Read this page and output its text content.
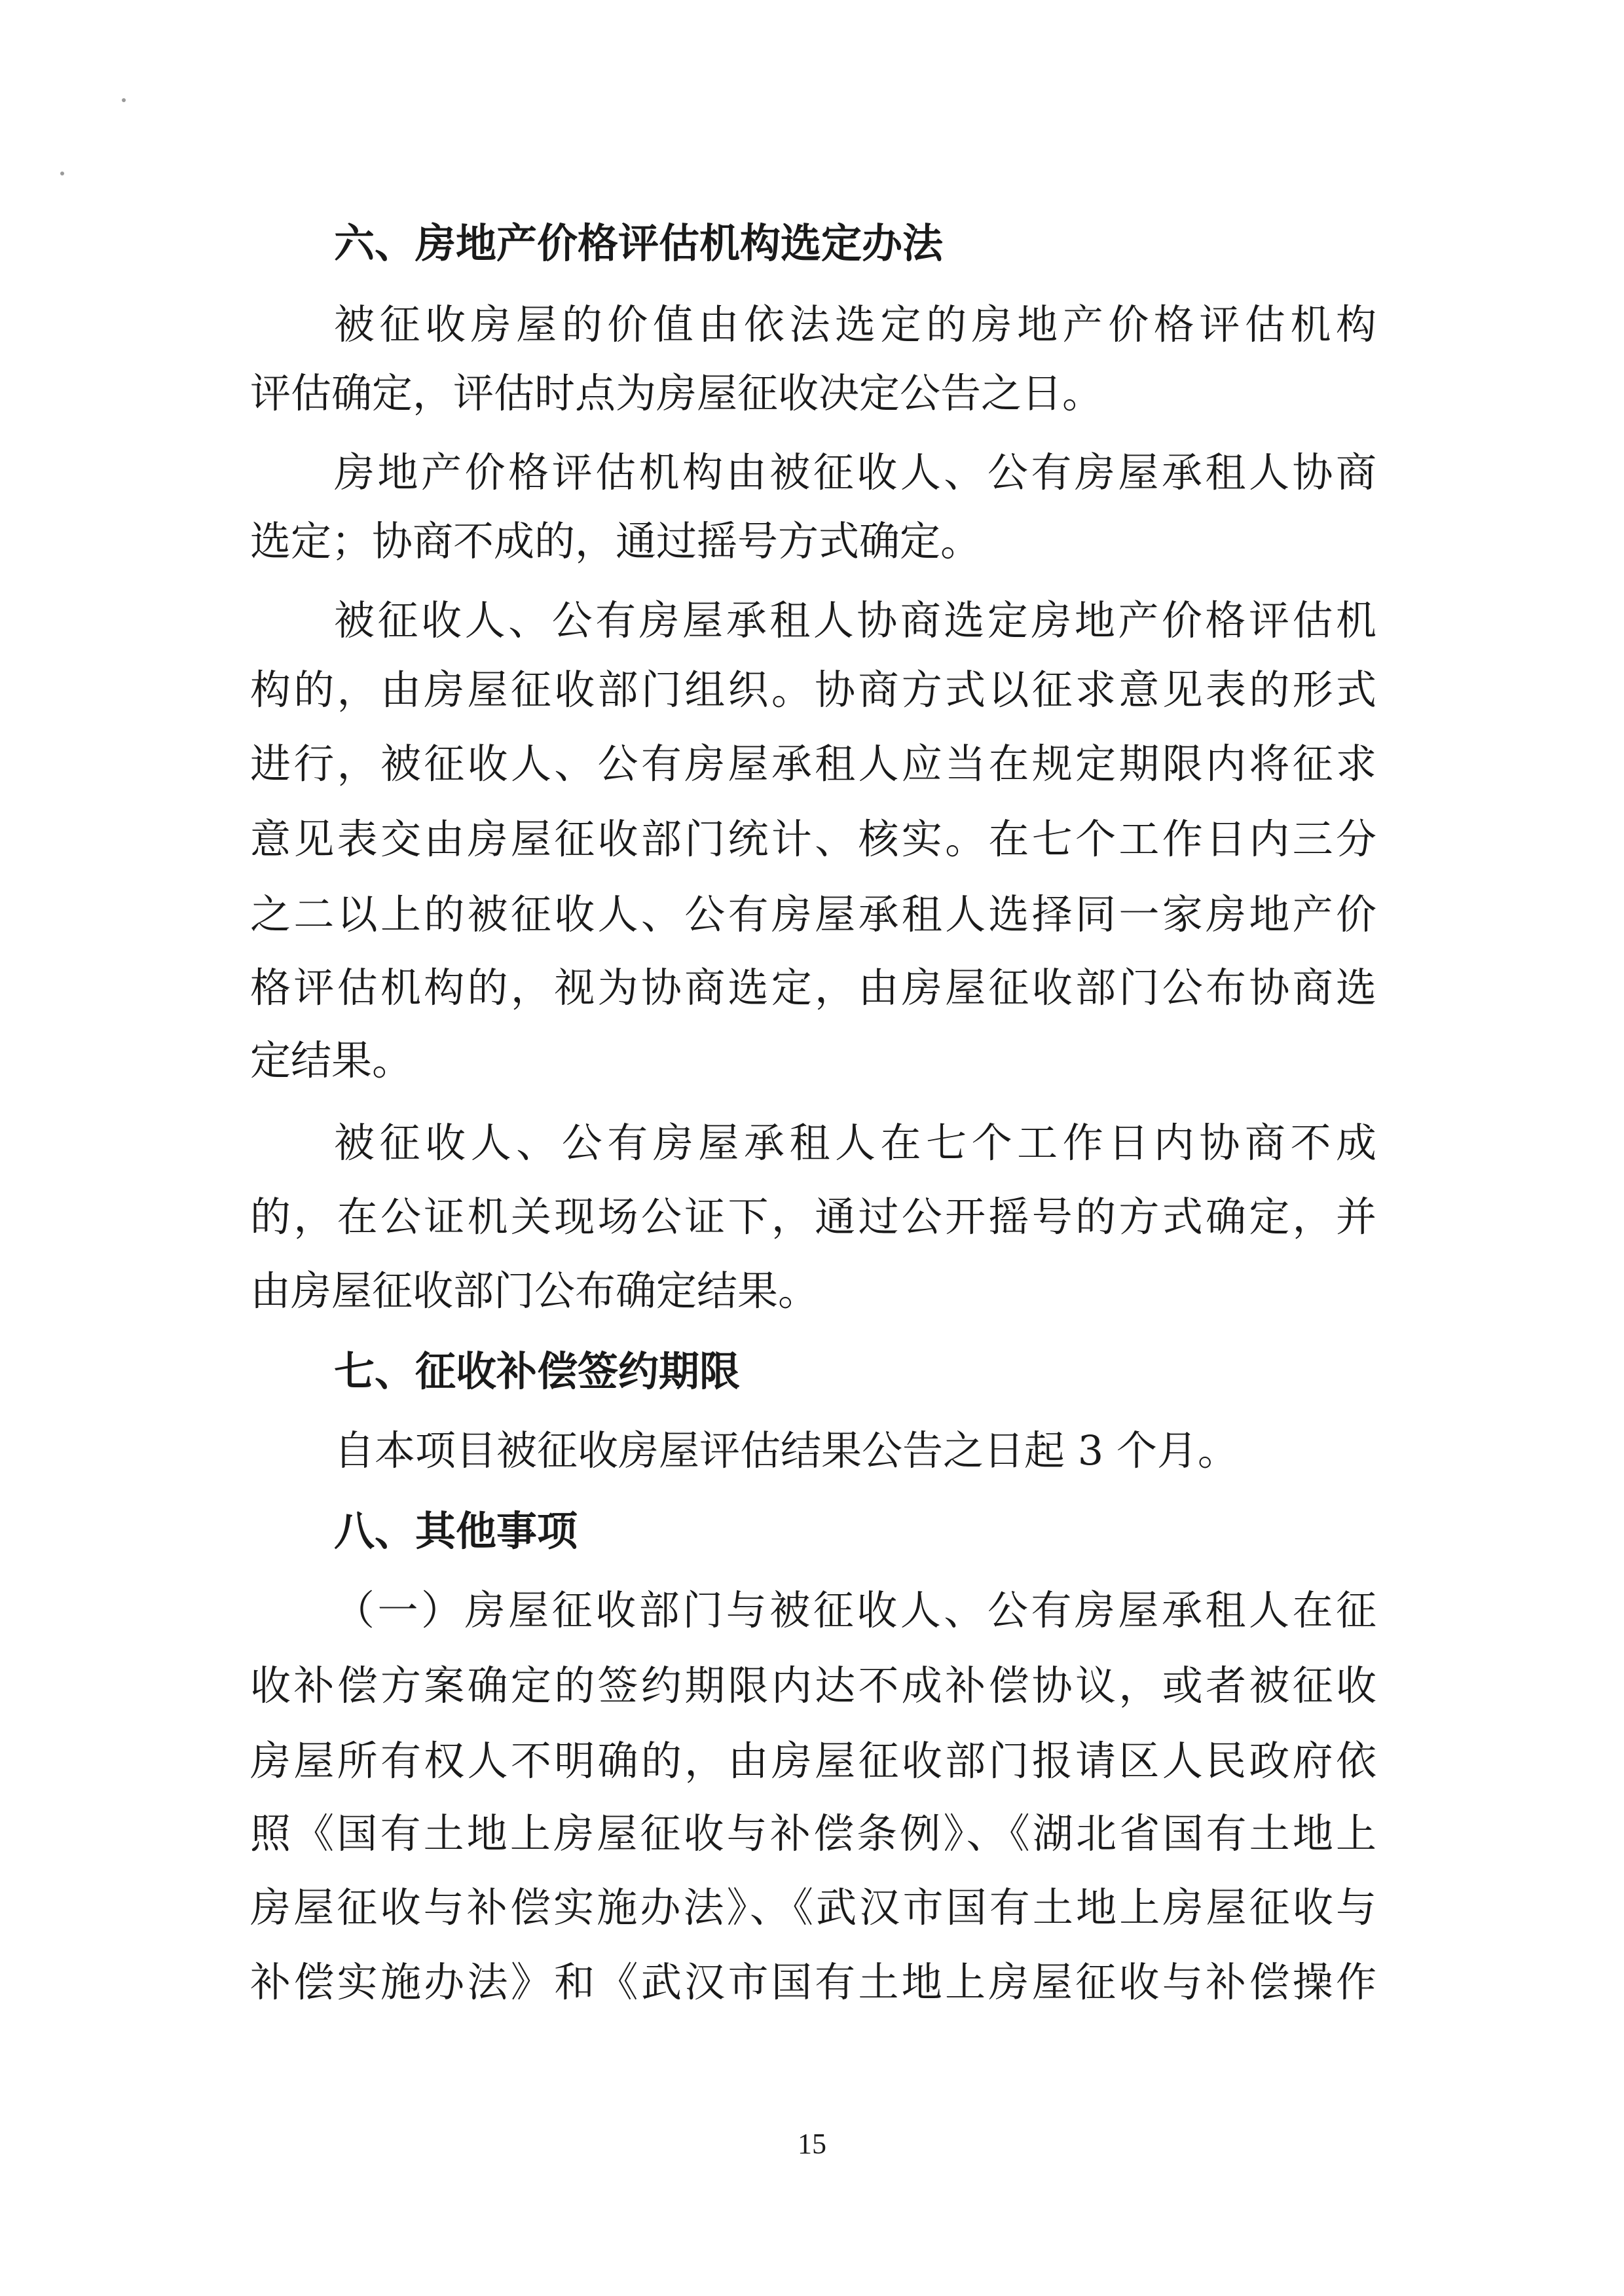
六、房地产价格评估机构选定办法
被征收房屋的价值由依法选定的房地产价格评估机构
评估确定，评估时点为房屋征收决定公告之日。
房地产价格评估机构由被征收人、公有房屋承租人协商
选定；协商不成的，通过摇号方式确定。
被征收人、公有房屋承租人协商选定房地产价格评估机
构的，由房屋征收部门组织。协商方式以征求意见表的形式
进行，被征收人、公有房屋承租人应当在规定期限内将征求
意见表交由房屋征收部门统计、核实。在七个工作日内三分
之二以上的被征收人、公有房屋承租人选择同一家房地产价
格评估机构的，视为协商选定，由房屋征收部门公布协商选
定结果。
被征收人、公有房屋承租人在七个工作日内协商不成
的，在公证机关现场公证下，通过公开摇号的方式确定，并
由房屋征收部门公布确定结果。
七、征收补偿签约期限
自本项目被征收房屋评估结果公告之日起 3 个月。
八、其他事项
（一）房屋征收部门与被征收人、公有房屋承租人在征
收补偿方案确定的签约期限内达不成补偿协议，或者被征收
房屋所有权人不明确的，由房屋征收部门报请区人民政府依
照《国有土地上房屋征收与补偿条例》、《湖北省国有土地上
房屋征收与补偿实施办法》、《武汉市国有土地上房屋征收与
补偿实施办法》和《武汉市国有土地上房屋征收与补偿操作
15
